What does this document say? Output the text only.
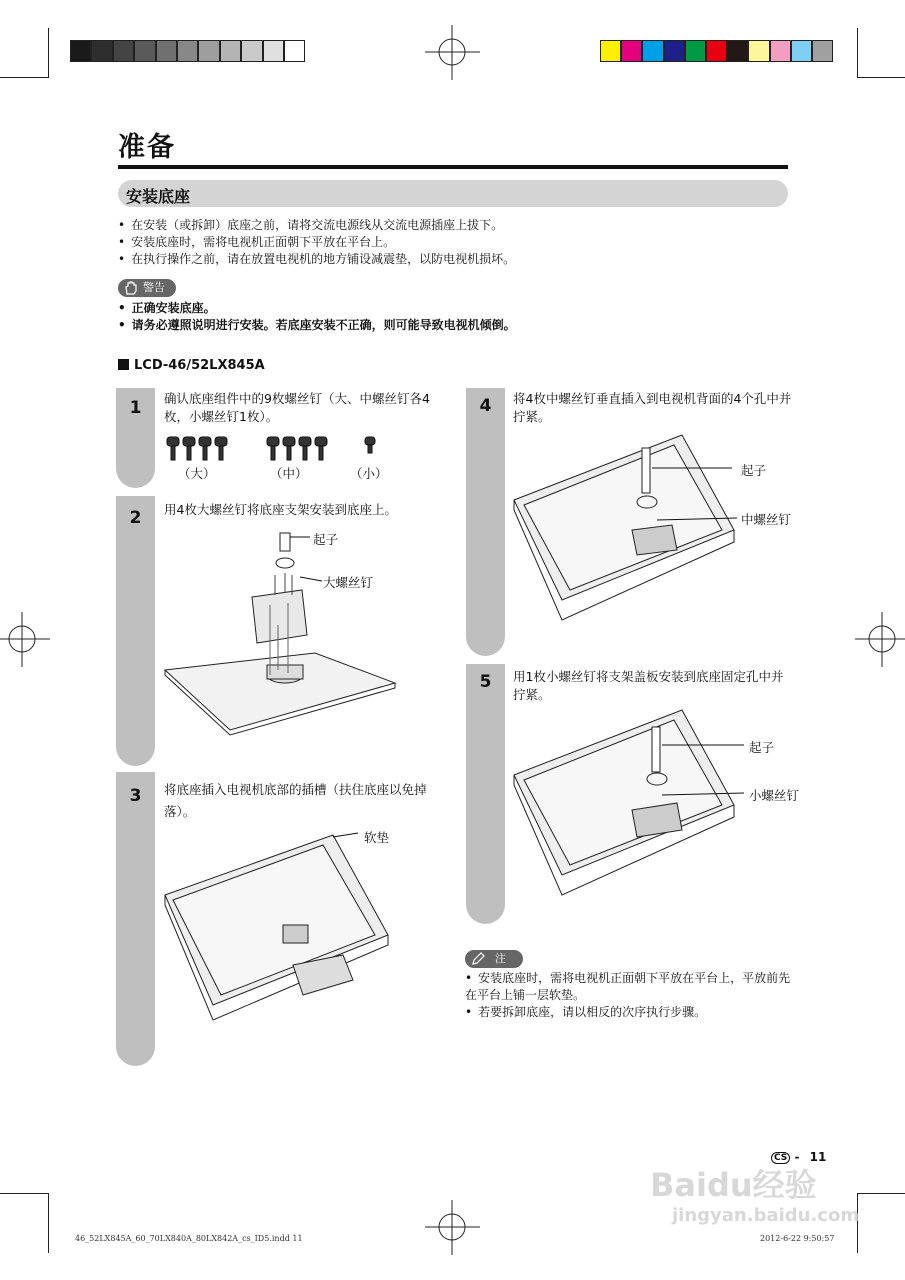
准备
安装底座
• 在安装（或拆卸）底座之前，请将交流电源线从交流电源插座上拔下。
• 安装底座时，需将电视机正面朝下平放在平台上。
• 在执行操作之前，请在放置电视机的地方铺设减震垫，以防电视机损坏。
警告
• 正确安装底座。
• 请务必遵照说明进行安装。若底座安装不正确，则可能导致电视机倾倒。
LCD-46/52LX845A
1
2
3
4
5
确认底座组件中的9枚螺丝钉（大、中螺丝钉各4枚，小螺丝钉1枚）。
用4枚大螺丝钉将底座支架安装到底座上。
将底座插入电视机底部的插槽（扶住底座以免掉落）。
将4枚中螺丝钉垂直插入到电视机背面的4个孔中并拧紧。
用1枚小螺丝钉将支架盖板安装到底座固定孔中并拧紧。
（大）	（中）	（小）
起子
大螺丝钉
软垫
起子
中螺丝钉
起子
小螺丝钉
注
• 安装底座时，需将电视机正面朝下平放在平台上，平放前先在平台上铺一层软垫。
• 若要拆卸底座，请以相反的次序执行步骤。
CS - 11
Baidu经验
jingyan.baidu.com
46_52LX845A_60_70LX840A_80LX842A_cs_ID5.indd 11	2012-6-22 9:50:57
